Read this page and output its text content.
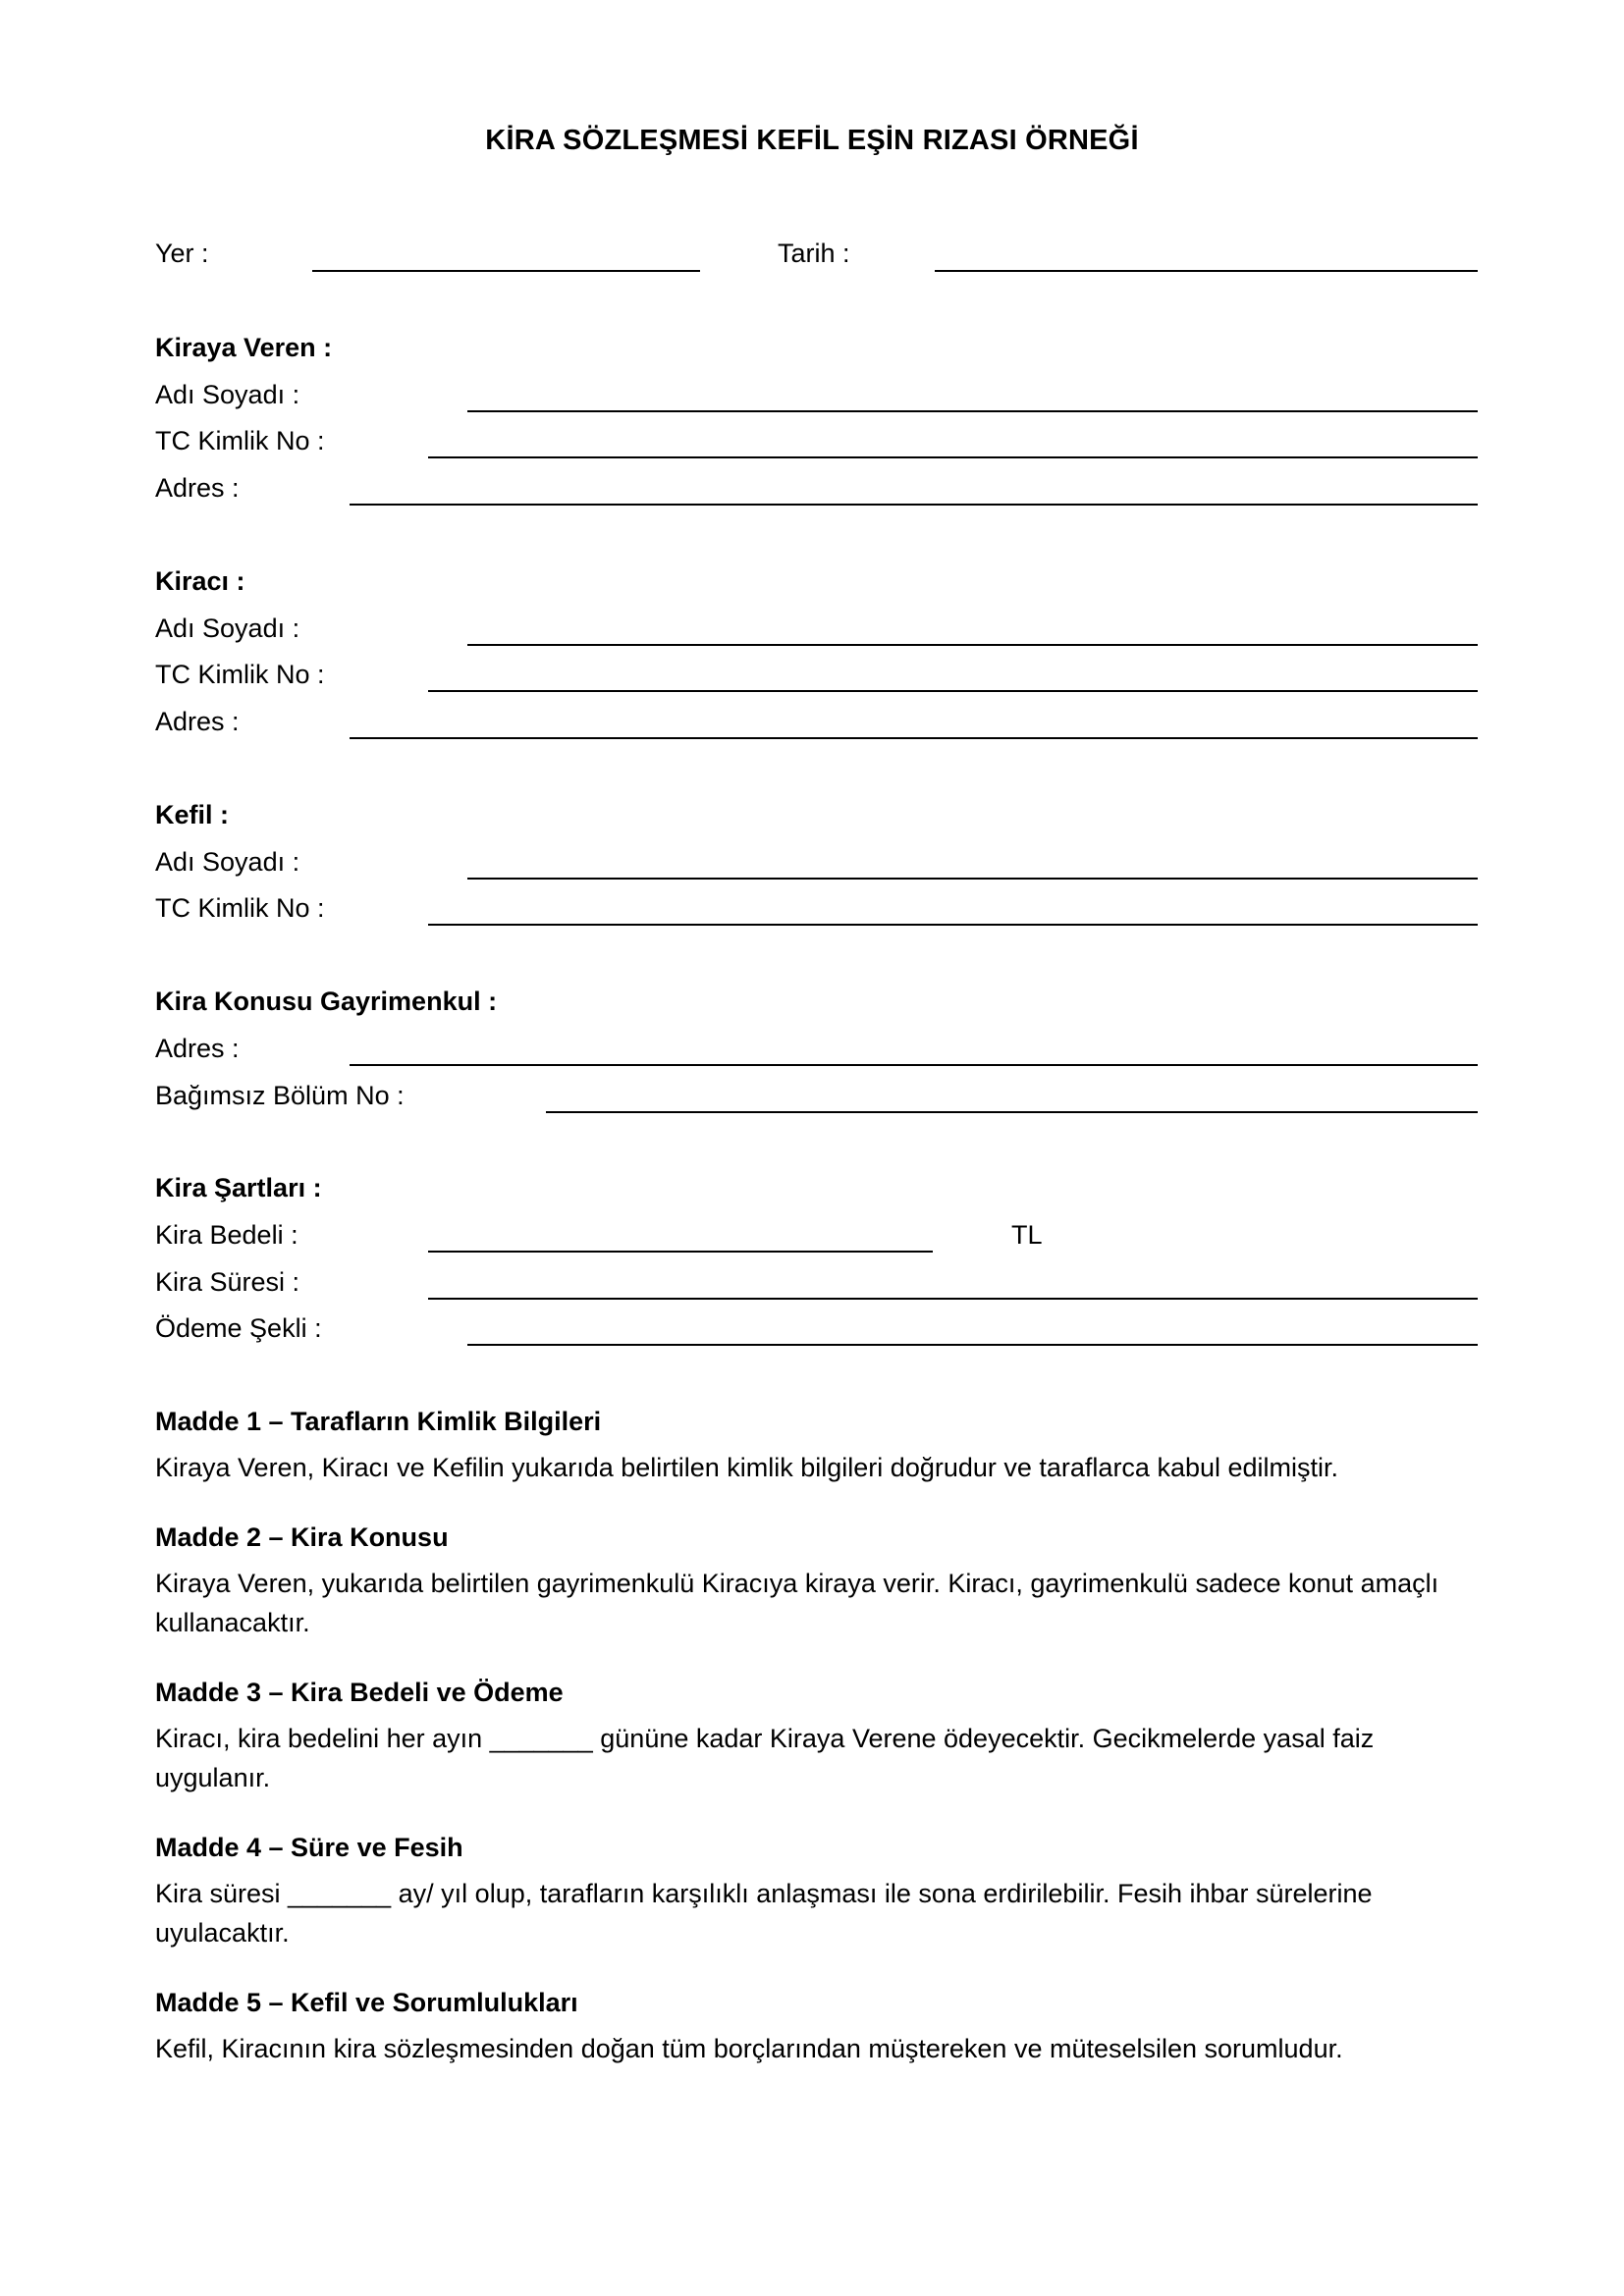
KİRA SÖZLEŞMESİ KEFİL EŞİN RIZASI ÖRNEĞİ
Yer :	Tarih :
Kiraya Veren :
Adı Soyadı :
TC Kimlik No :
Adres :
Kiracı :
Adı Soyadı :
TC Kimlik No :
Adres :
Kefil :
Adı Soyadı :
TC Kimlik No :
Kira Konusu Gayrimenkul :
Adres :
Bağımsız Bölüm No :
Kira Şartları :
Kira Bedeli :	TL
Kira Süresi :
Ödeme Şekli :
Madde 1 – Tarafların Kimlik Bilgileri
Kiraya Veren, Kiracı ve Kefilin yukarıda belirtilen kimlik bilgileri doğrudur ve taraflarca kabul edilmiştir.
Madde 2 – Kira Konusu
Kiraya Veren, yukarıda belirtilen gayrimenkulü Kiracıya kiraya verir. Kiracı, gayrimenkulü sadece konut amaçlı kullanacaktır.
Madde 3 – Kira Bedeli ve Ödeme
Kiracı, kira bedelini her ayın _______ gününe kadar Kiraya Verene ödeyecektir. Gecikmelerde yasal faiz uygulanır.
Madde 4 – Süre ve Fesih
Kira süresi _______ ay/ yıl olup, tarafların karşılıklı anlaşması ile sona erdirilebilir. Fesih ihbar sürelerine uyulacaktır.
Madde 5 – Kefil ve Sorumlulukları
Kefil, Kiracının kira sözleşmesinden doğan tüm borçlarından müştereken ve müteselsilen sorumludur.
